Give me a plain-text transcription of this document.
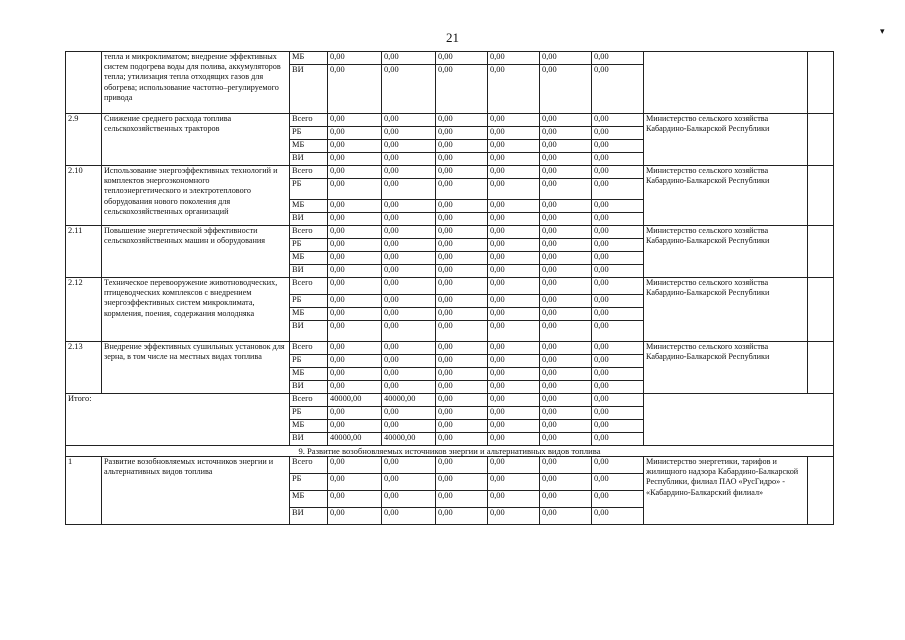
21	▾
	тепла и микроклиматом; внедрение эффективных систем подогрева воды для полива, аккумуляторов тепла; утилизация тепла отходящих газов для обогрева; использование частотно–регулируемого привода	МБ	0,00	0,00	0,00	0,00	0,00	0,00		
		ВИ	0,00	0,00	0,00	0,00	0,00	0,00		
2.9	Снижение среднего расхода топлива сельскохозяйственных тракторов	Всего	0,00	0,00	0,00	0,00	0,00	0,00	Министерство сельского хозяйства Кабардино-Балкарской Республики	
		РБ	0,00	0,00	0,00	0,00	0,00	0,00		
		МБ	0,00	0,00	0,00	0,00	0,00	0,00		
		ВИ	0,00	0,00	0,00	0,00	0,00	0,00		
2.10	Использование энергоэффективных технологий и комплектов энергоэкономного теплоэнергетического и электротеплового оборудования нового поколения для сельскохозяйственных организаций	Всего	0,00	0,00	0,00	0,00	0,00	0,00	Министерство сельского хозяйства Кабардино-Балкарской Республики	
		РБ	0,00	0,00	0,00	0,00	0,00	0,00		
		МБ	0,00	0,00	0,00	0,00	0,00	0,00		
		ВИ	0,00	0,00	0,00	0,00	0,00	0,00		
2.11	Повышение энергетической эффективности сельскохозяйственных машин и оборудования	Всего	0,00	0,00	0,00	0,00	0,00	0,00	Министерство сельского хозяйства Кабардино-Балкарской Республики	
		РБ	0,00	0,00	0,00	0,00	0,00	0,00		
		МБ	0,00	0,00	0,00	0,00	0,00	0,00		
		ВИ	0,00	0,00	0,00	0,00	0,00	0,00		
2.12	Техническое перевооружение животноводческих, птицеводческих комплексов с внедрением энергоэффективных систем микроклимата, кормления, поения, содержания молодняка	Всего	0,00	0,00	0,00	0,00	0,00	0,00	Министерство сельского хозяйства Кабардино-Балкарской Республики	
		РБ	0,00	0,00	0,00	0,00	0,00	0,00		
		МБ	0,00	0,00	0,00	0,00	0,00	0,00		
		ВИ	0,00	0,00	0,00	0,00	0,00	0,00		
2.13	Внедрение эффективных сушильных установок для зерна, в том числе на местных видах топлива	Всего	0,00	0,00	0,00	0,00	0,00	0,00	Министерство сельского хозяйства Кабардино-Балкарской Республики	
		РБ	0,00	0,00	0,00	0,00	0,00	0,00		
		МБ	0,00	0,00	0,00	0,00	0,00	0,00		
		ВИ	0,00	0,00	0,00	0,00	0,00	0,00		
Итого:		Всего	40000,00	40000,00	0,00	0,00	0,00	0,00		
		РБ	0,00	0,00	0,00	0,00	0,00	0,00		
		МБ	0,00	0,00	0,00	0,00	0,00	0,00		
		ВИ	40000,00	40000,00	0,00	0,00	0,00	0,00		
9. Развитие возобновляемых источников энергии и альтернативных видов топлива										
1	Развитие возобновляемых источников энергии и альтернативных видов топлива	Всего	0,00	0,00	0,00	0,00	0,00	0,00	Министерство энергетики, тарифов и жилищного надзора Кабардино-Балкарской Республики, филиал ПАО «РусГидро» - «Кабардино-Балкарский филиал»	
		РБ	0,00	0,00	0,00	0,00	0,00	0,00		
		МБ	0,00	0,00	0,00	0,00	0,00	0,00		
		ВИ	0,00	0,00	0,00	0,00	0,00	0,00		
